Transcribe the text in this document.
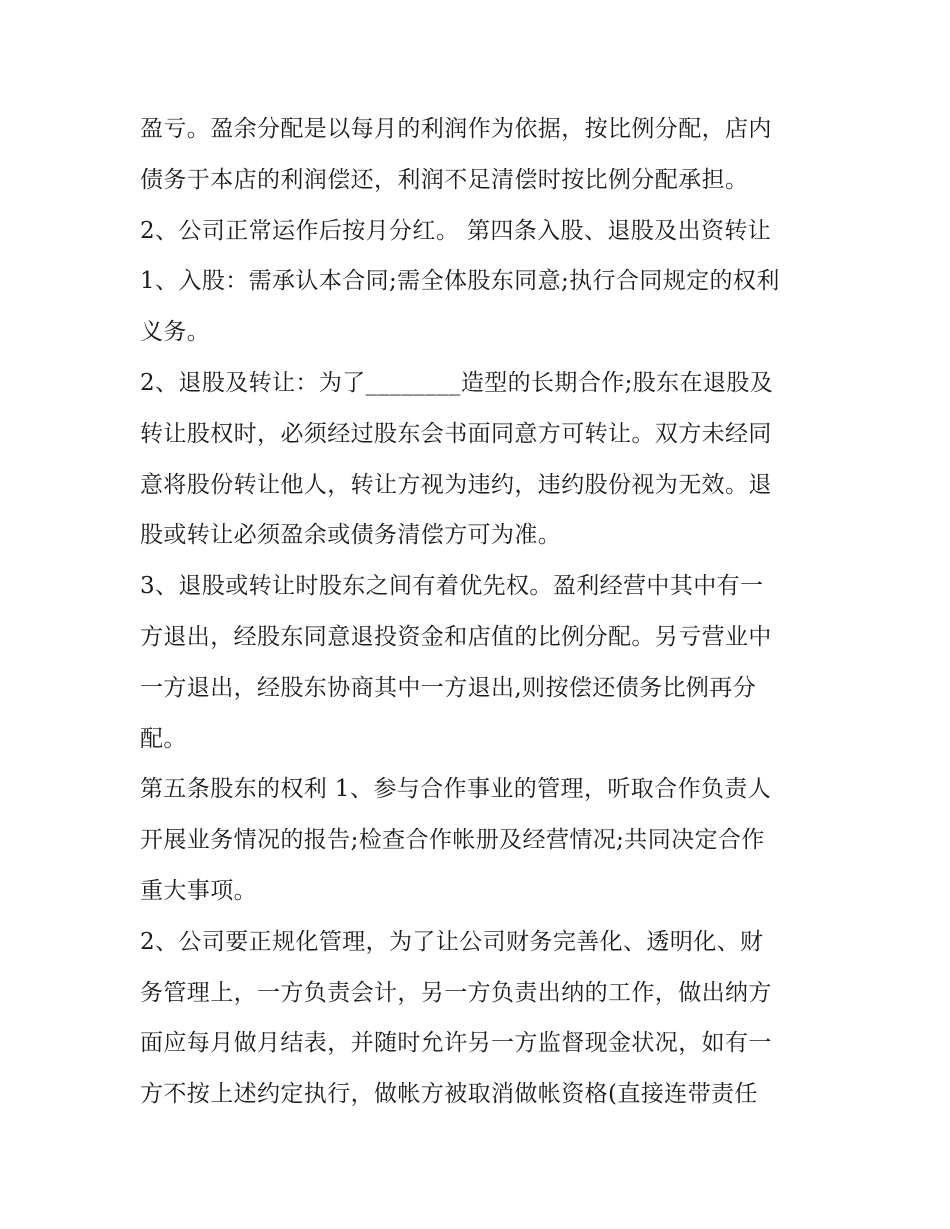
盈亏。盈余分配是以每月的利润作为依据，按比例分配，店内
债务于本店的利润偿还，利润不足清偿时按比例分配承担。
2、公司正常运作后按月分红。 第四条入股、退股及出资转让
1、入股：需承认本合同;需全体股东同意;执行合同规定的权利
义务。
2、退股及转让：为了________造型的长期合作;股东在退股及
转让股权时，必须经过股东会书面同意方可转让。双方未经同
意将股份转让他人，转让方视为违约，违约股份视为无效。退
股或转让必须盈余或债务清偿方可为准。
3、退股或转让时股东之间有着优先权。盈利经营中其中有一
方退出，经股东同意退投资金和店值的比例分配。另亏营业中
一方退出，经股东协商其中一方退出,则按偿还债务比例再分
配。
第五条股东的权利 1、参与合作事业的管理，听取合作负责人
开展业务情况的报告;检查合作帐册及经营情况;共同决定合作
重大事项。
2、公司要正规化管理，为了让公司财务完善化、透明化、财
务管理上，一方负责会计，另一方负责出纳的工作，做出纳方
面应每月做月结表，并随时允许另一方监督现金状况，如有一
方不按上述约定执行，做帐方被取消做帐资格(直接连带责任
